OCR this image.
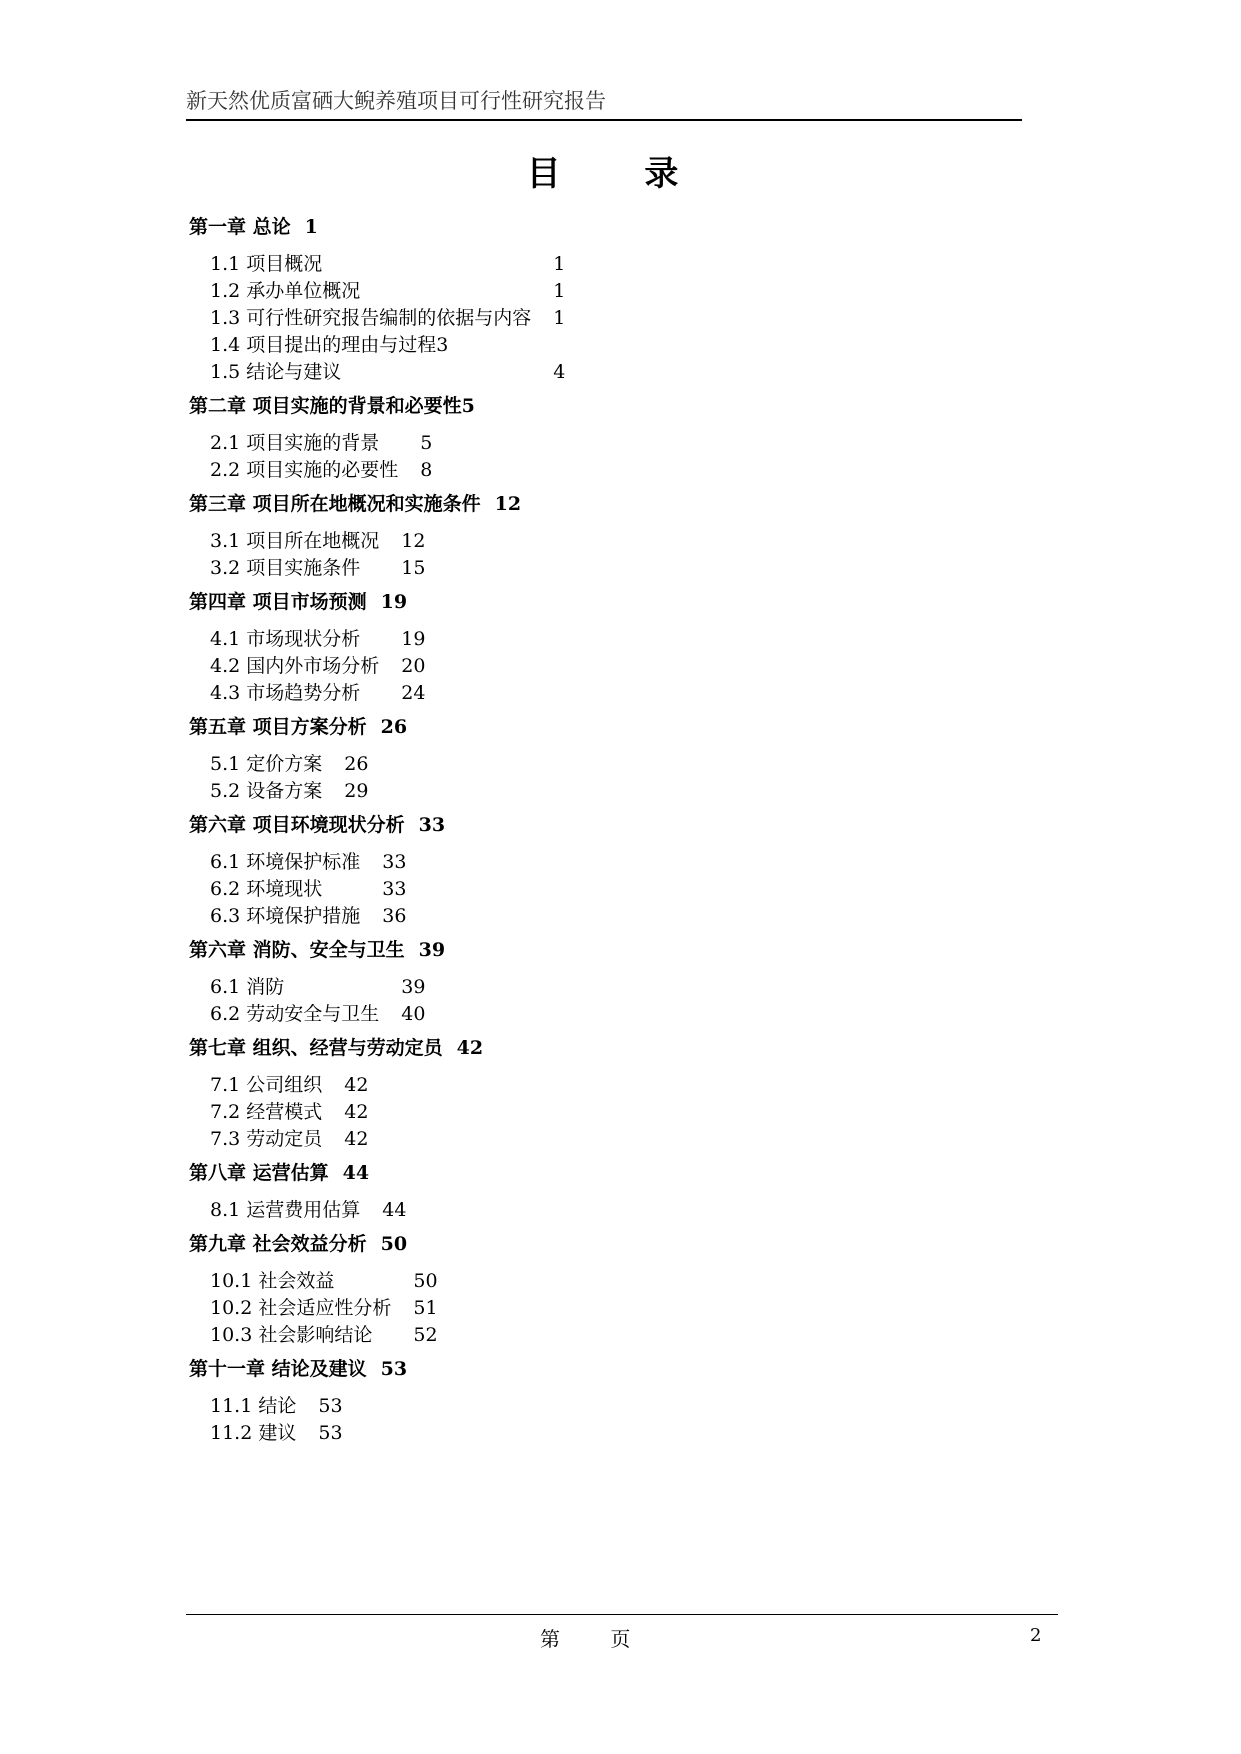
新天然优质富硒大鲵养殖项目可行性研究报告
目 录
第一章 总论 1
1.1 项目概况	1
1.2 承办单位概况	1
1.3 可行性研究报告编制的依据与内容 1
1.4 项目提出的理由与过程3
1.5 结论与建议	4
第二章 项目实施的背景和必要性5
2.1 项目实施的背景 5
2.2 项目实施的必要性 8
第三章 项目所在地概况和实施条件 12
3.1 项目所在地概况 12
3.2 项目实施条件 15
第四章 项目市场预测 19
4.1 市场现状分析 19
4.2 国内外市场分析 20
4.3 市场趋势分析 24
第五章 项目方案分析 26
5.1 定价方案 26
5.2 设备方案 29
第六章 项目环境现状分析 33
6.1 环境保护标准 33
6.2 环境现状	33
6.3 环境保护措施 36
第六章 消防、安全与卫生 39
6.1 消防	39
6.2 劳动安全与卫生 40
第七章 组织、经营与劳动定员 42
7.1 公司组织 42
7.2 经营模式 42
7.3 劳动定员 42
第八章 运营估算 44
8.1 运营费用估算 44
第九章 社会效益分析 50
10.1 社会效益	50
10.2 社会适应性分析 51
10.3 社会影响结论 52
第十一章 结论及建议 53
11.1 结论 53
11.2 建议 53
第 页	2
